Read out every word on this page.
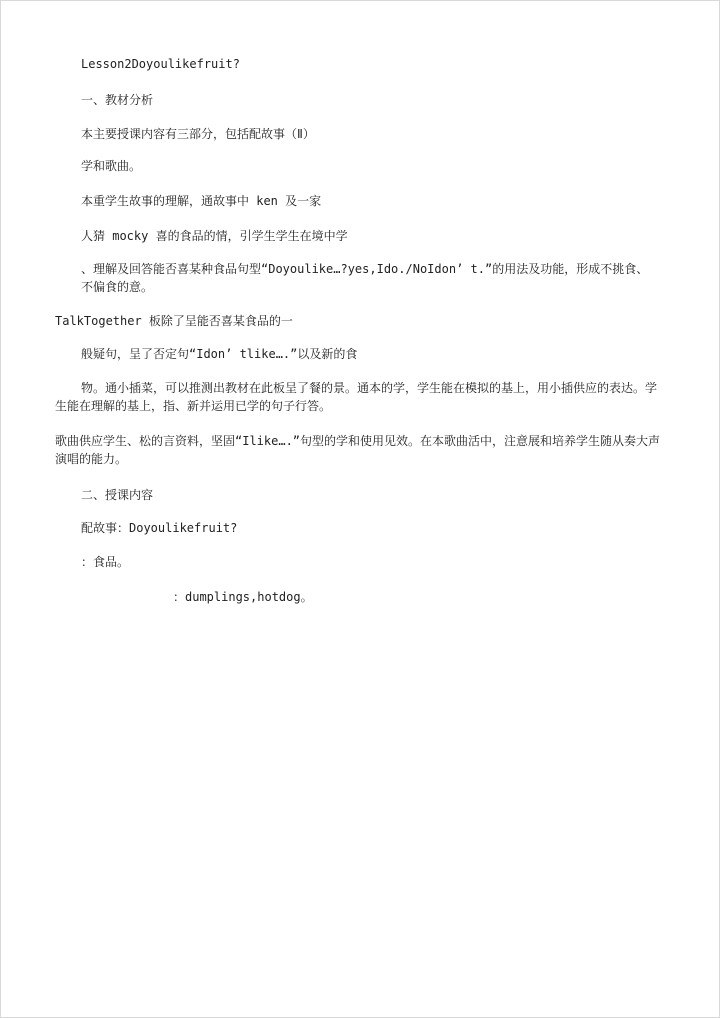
Lesson2Doyoulikefruit?
一、教材分析
本主要授课内容有三部分，包括配故事（Ⅱ）
学和歌曲。
本重学生故事的理解，通故事中 ken 及一家
人猜 mocky 喜的食品的情，引学生学生在境中学
、理解及回答能否喜某种食品句型“Doyoulike…?yes,Ido./NoIdon’ t.”的用法及功能，形成不挑食、不偏食的意。
TalkTogether 板除了呈能否喜某食品的一
般疑句，呈了否定句“Idon’ tlike….”以及新的食
物。通小插菜，可以推测出教材在此板呈了餐的景。通本的学，学生能在模拟的基上，用小插供应的表达。学生能在理解的基上，指、新并运用已学的句子行答。
歌曲供应学生、松的言资料，坚固“Ilike….”句型的学和使用见效。在本歌曲活中，注意展和培养学生随从奏大声演唱的能力。
二、授课内容
配故事：Doyoulikefruit?
：食品。
：dumplings,hotdog。
